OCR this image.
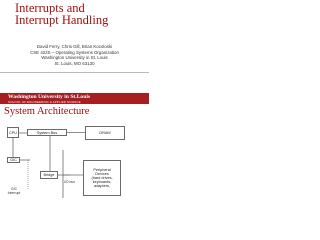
Interrupts and
Interrupt Handling
David Ferry, Chris Gill, Brian Kocoloski
CSE 422S – Operating Systems Organization
Washington University in St. Louis
St. Louis, MO 63130
Washington University in St.Louis
SCHOOL OF ENGINEERING & APPLIED SCIENCE
System Architecture
CPU	System Bus	DRAM
GIC
Bridge
Peripheral
Devices
(hard drives,
keyboards,
adapters,
I/O bus
GIC
Interrupt
